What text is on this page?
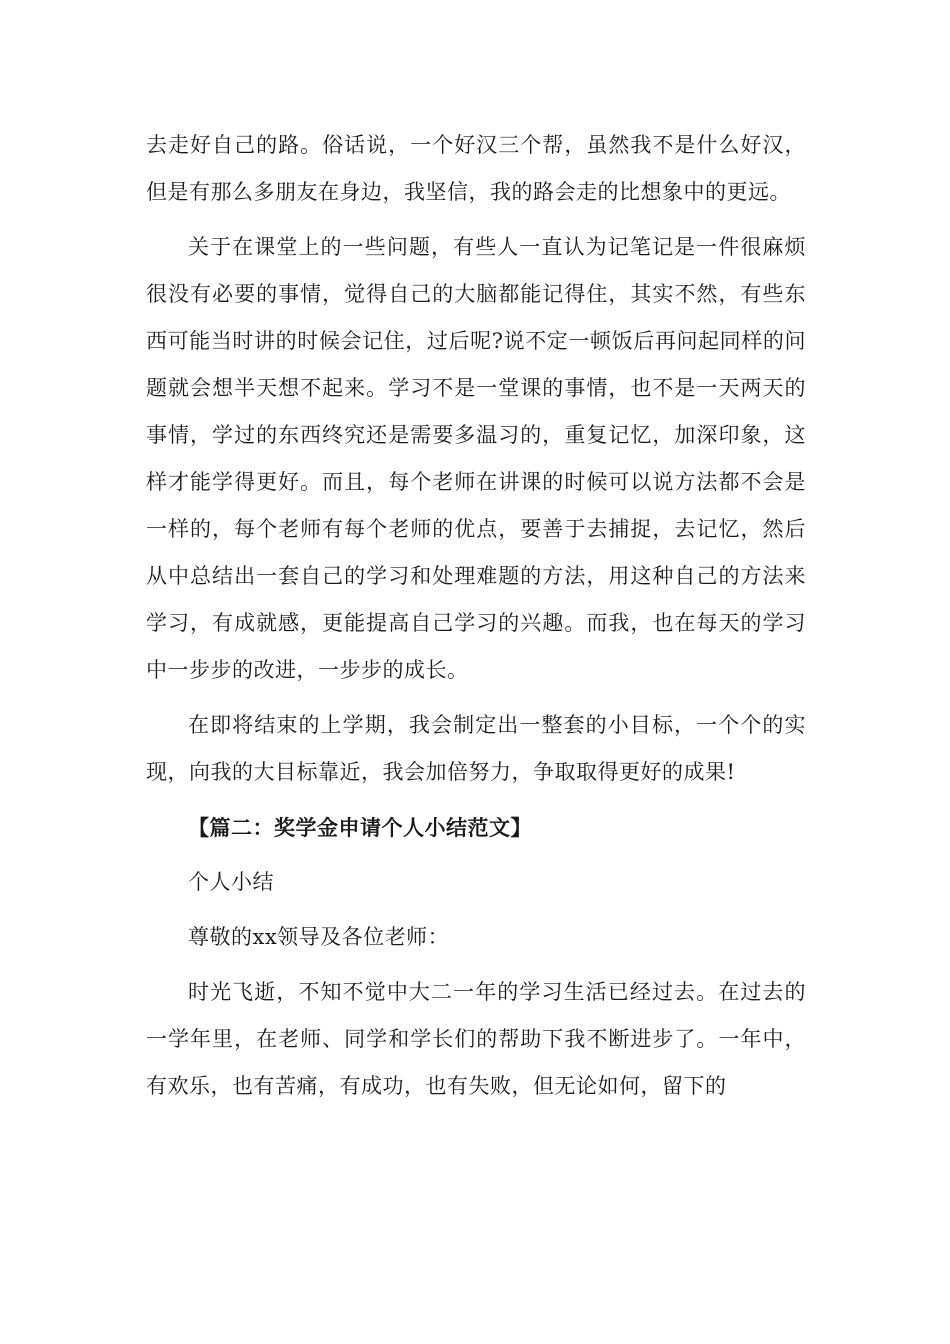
去走好自己的路。俗话说，一个好汉三个帮，虽然我不是什么好汉，但是有那么多朋友在身边，我坚信，我的路会走的比想象中的更远。

关于在课堂上的一些问题，有些人一直认为记笔记是一件很麻烦很没有必要的事情，觉得自己的大脑都能记得住，其实不然，有些东西可能当时讲的时候会记住，过后呢?说不定一顿饭后再问起同样的问题就会想半天想不起来。学习不是一堂课的事情，也不是一天两天的事情，学过的东西终究还是需要多温习的，重复记忆，加深印象，这样才能学得更好。而且，每个老师在讲课的时候可以说方法都不会是一样的，每个老师有每个老师的优点，要善于去捕捉，去记忆，然后从中总结出一套自己的学习和处理难题的方法，用这种自己的方法来学习，有成就感，更能提高自己学习的兴趣。而我，也在每天的学习中一步步的改进，一步步的成长。

在即将结束的上学期，我会制定出一整套的小目标，一个个的实现，向我的大目标靠近，我会加倍努力，争取取得更好的成果!

【篇二：奖学金申请个人小结范文】

个人小结

尊敬的xx领导及各位老师：

时光飞逝，不知不觉中大二一年的学习生活已经过去。在过去的一学年里，在老师、同学和学长们的帮助下我不断进步了。一年中，有欢乐，也有苦痛，有成功，也有失败，但无论如何，留下的
